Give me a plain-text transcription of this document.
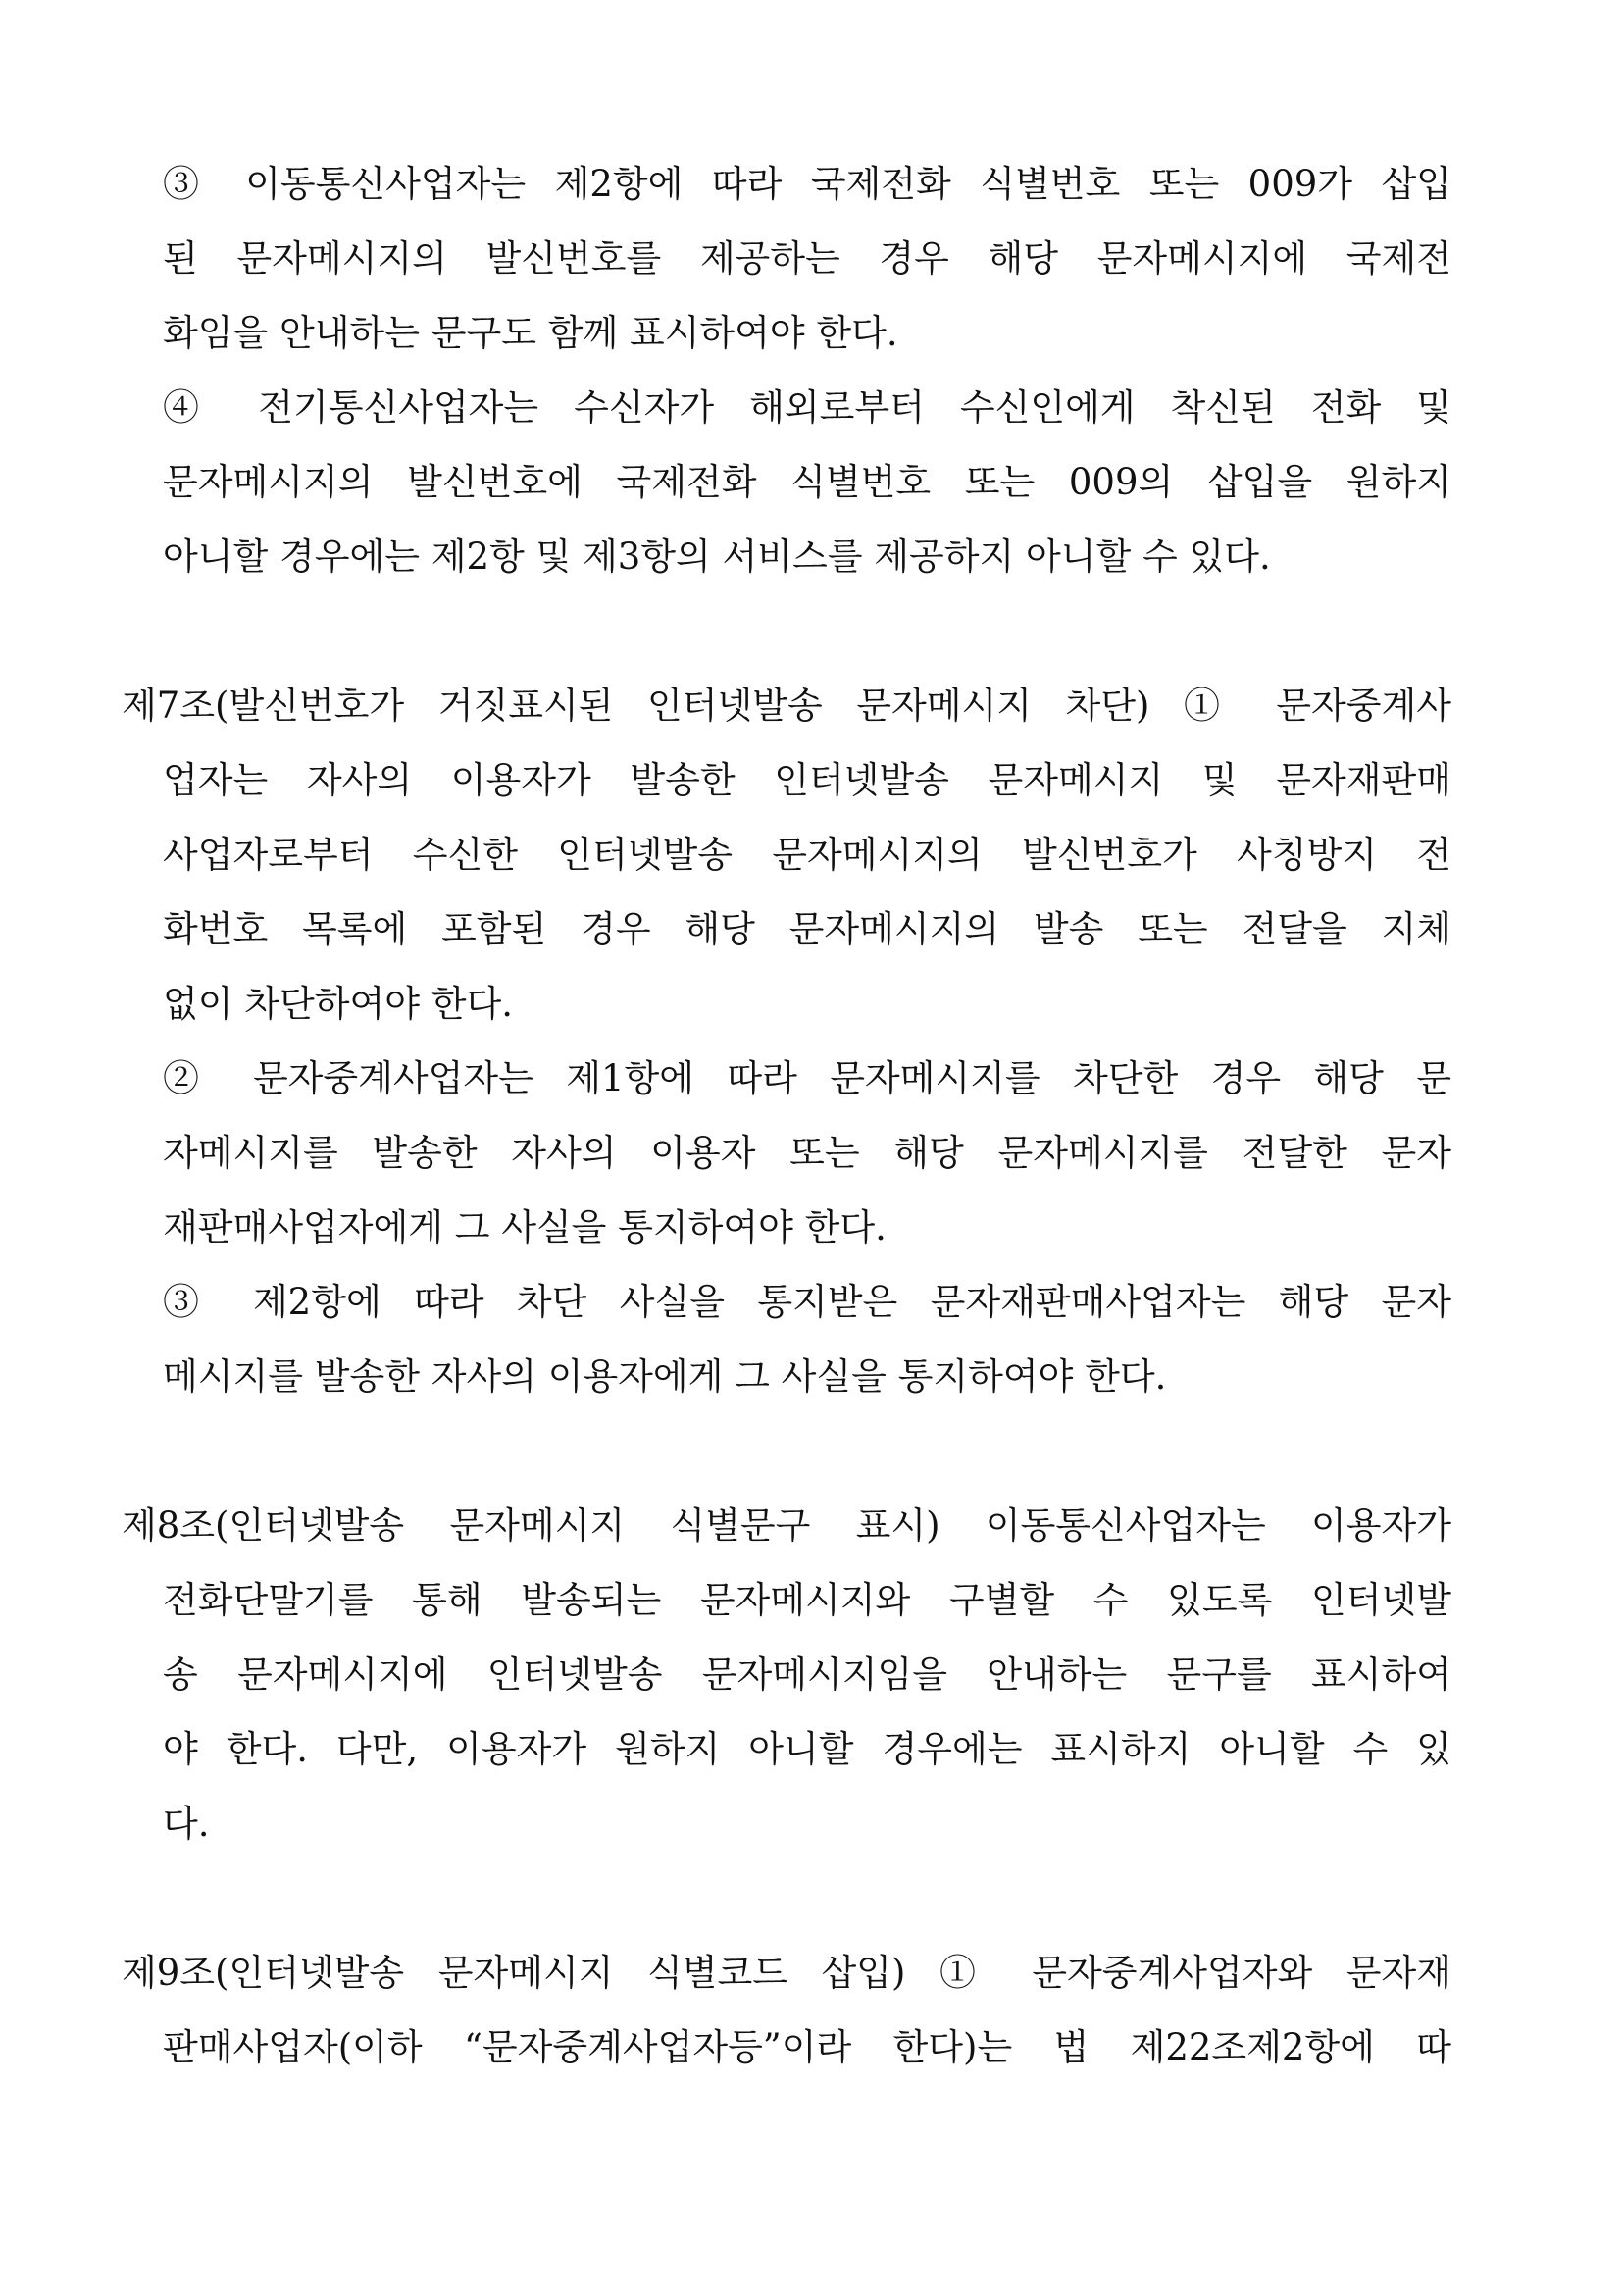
③ 이동통신사업자는 제2항에 따라 국제전화 식별번호 또는 009가 삽입
된 문자메시지의 발신번호를 제공하는 경우 해당 문자메시지에 국제전
화임을 안내하는 문구도 함께 표시하여야 한다.
④ 전기통신사업자는 수신자가 해외로부터 수신인에게 착신된 전화 및
문자메시지의 발신번호에 국제전화 식별번호 또는 009의 삽입을 원하지
아니할 경우에는 제2항 및 제3항의 서비스를 제공하지 아니할 수 있다.
제7조(발신번호가 거짓표시된 인터넷발송 문자메시지 차단) ① 문자중계사
업자는 자사의 이용자가 발송한 인터넷발송 문자메시지 및 문자재판매
사업자로부터 수신한 인터넷발송 문자메시지의 발신번호가 사칭방지 전
화번호 목록에 포함된 경우 해당 문자메시지의 발송 또는 전달을 지체
없이 차단하여야 한다.
② 문자중계사업자는 제1항에 따라 문자메시지를 차단한 경우 해당 문
자메시지를 발송한 자사의 이용자 또는 해당 문자메시지를 전달한 문자
재판매사업자에게 그 사실을 통지하여야 한다.
③ 제2항에 따라 차단 사실을 통지받은 문자재판매사업자는 해당 문자
메시지를 발송한 자사의 이용자에게 그 사실을 통지하여야 한다.
제8조(인터넷발송 문자메시지 식별문구 표시) 이동통신사업자는 이용자가
전화단말기를 통해 발송되는 문자메시지와 구별할 수 있도록 인터넷발
송 문자메시지에 인터넷발송 문자메시지임을 안내하는 문구를 표시하여
야 한다. 다만, 이용자가 원하지 아니할 경우에는 표시하지 아니할 수 있
다.
제9조(인터넷발송 문자메시지 식별코드 삽입) ① 문자중계사업자와 문자재
판매사업자(이하 “문자중계사업자등”이라 한다)는 법 제22조제2항에 따
